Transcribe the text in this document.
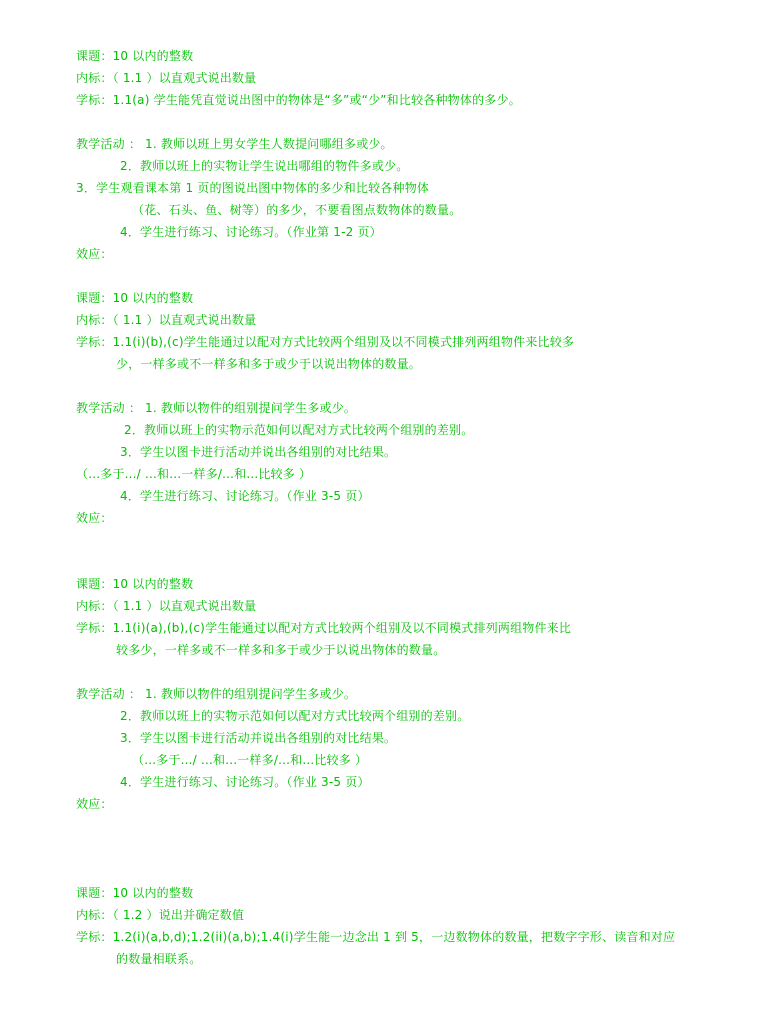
课题：10 以内的整数
内标：（ 1.1 ）以直观式说出数量
学标：1.1(a) 学生能凭直觉说出图中的物体是“多”或“少”和比较各种物体的多少。
教学活动 ： 1. 教师以班上男女学生人数提问哪组多或少。
2．教师以班上的实物让学生说出哪组的物件多或少。
3．学生观看课本第 1 页的图说出图中物体的多少和比较各种物体
（花、石头、鱼、树等）的多少，不要看图点数物体的数量。
4．学生进行练习、讨论练习。（作业第 1-2 页）
效应：
课题：10 以内的整数
内标：（ 1.1 ）以直观式说出数量
学标：1.1(i)(b),(c)学生能通过以配对方式比较两个组别及以不同模式排列两组物件来比较多
少，一样多或不一样多和多于或少于以说出物体的数量。
教学活动 ： 1. 教师以物件的组别提问学生多或少。
2．教师以班上的实物示范如何以配对方式比较两个组别的差别。
3．学生以图卡进行活动并说出各组别的对比结果。
（...多于.../ ...和...一样多/...和...比较多 ）
4．学生进行练习、讨论练习。（作业 3-5 页）
效应：
课题：10 以内的整数
内标：（ 1.1 ）以直观式说出数量
学标：1.1(i)(a),(b),(c)学生能通过以配对方式比较两个组别及以不同模式排列两组物件来比
较多少，一样多或不一样多和多于或少于以说出物体的数量。
教学活动 ： 1. 教师以物件的组别提问学生多或少。
2．教师以班上的实物示范如何以配对方式比较两个组别的差别。
3．学生以图卡进行活动并说出各组别的对比结果。
（...多于.../ ...和...一样多/...和...比较多 ）
4．学生进行练习、讨论练习。（作业 3-5 页）
效应：
课题：10 以内的整数
内标：（ 1.2 ）说出并确定数值
学标：1.2(i)(a,b,d);1.2(ii)(a,b);1.4(i)学生能一边念出 1 到 5，一边数物体的数量，把数字字形、读音和对应
的数量相联系。
